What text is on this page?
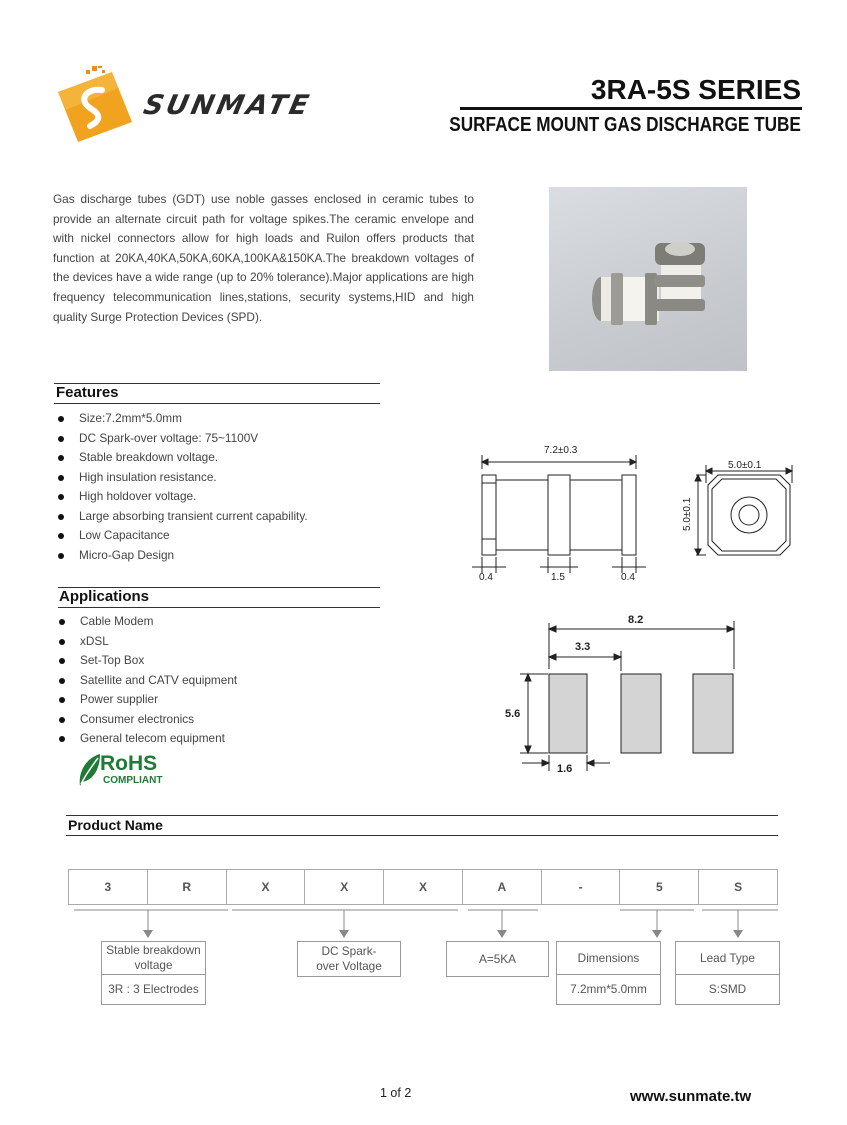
SUNMATE
3RA-5S SERIES
SURFACE MOUNT GAS DISCHARGE TUBE

Gas discharge tubes (GDT) use noble gasses enclosed in ceramic tubes to provide an alternate circuit path for voltage spikes.The ceramic envelope and with nickel connectors allow for high loads and Ruilon offers products that function at 20KA,40KA,50KA,60KA,100KA&150KA.The breakdown voltages of the devices have a wide range (up to 20% tolerance).Major applications are high frequency telecommunication lines,stations, security systems,HID and high quality Surge Protection Devices (SPD).

Features
Size:7.2mm*5.0mm
DC Spark-over voltage: 75~1100V
Stable breakdown voltage.
High insulation resistance.
High holdover voltage.
Large absorbing transient current capability.
Low Capacitance
Micro-Gap Design
Applications
Cable Modem
xDSL
Set-Top Box
Satellite and CATV equipment
Power supplier
Consumer electronics
General telecom equipment
RoHS
COMPLIANT
7.2±0.3
0.4	1.5	0.4
5.0±0.1
5.0±0.1
8.2
3.3
5.6
1.6
Product Name
3	R	X	X	X	A	-	5	S
Stable breakdown voltage
3R : 3 Electrodes
DC Spark-over Voltage
A=5KA	Dimensions
7.2mm*5.0mm
Lead Type
S:SMD
1 of 2	www.sunmate.tw
